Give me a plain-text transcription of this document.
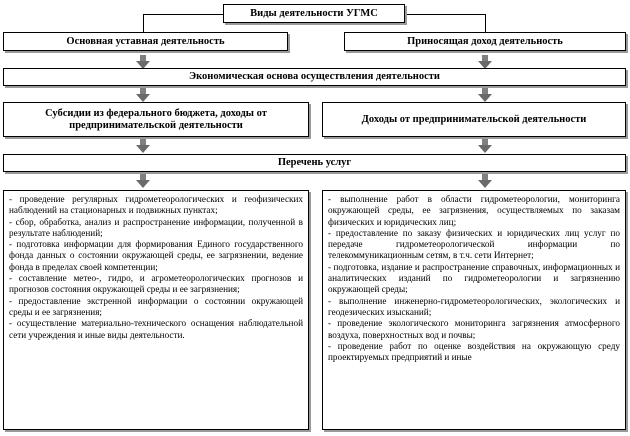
Виды деятельности УГМС
Основная уставная деятельность	Приносящая доход деятельность
Экономическая основа осуществления деятельности
Субсидии из федерального бюджета, доходы от предпринимательской деятельности
Доходы от предпринимательской деятельности
Перечень услуг

- проведение регулярных гидрометеорологических и геофизических наблюдений на стационарных и подвижных пунктах;

- сбор, обработка, анализ и распространение информации, полученной в результате наблюдений;

- подготовка информации для формирования Единого государственного фонда данных о состоянии окружающей среды, ее загрязнении, ведение фонда в пределах своей компетенции;

- составление метео-, гидро, и агрометеорологических прогнозов и прогнозов состояния окружающей среды и ее загрязнения;

- предоставление экстренной информации о состоянии окружающей среды и ее загрязнения;

- осуществление материально-технического оснащения наблюдательной сети учреждения и иные виды деятельности.

- выполнение работ в области гидрометеорологии, мониторинга окружающей среды, ее загрязнения, осуществляемых по заказам физических и юридических лиц;

- предоставление по заказу физических и юридических лиц услуг по передаче гидрометеорологической информации по телекоммуникационным сетям, в т.ч. сети Интернет;

- подготовка, издание и распространение справочных, информационных и аналитических изданий по гидрометеорологии и загрязнению окружающей среды;

- выполнение инженерно-гидрометеорологических, экологических и геодезических изысканий;

- проведение экологического мониторинга загрязнения атмосферного воздуха, поверхностных вод и почвы;

- проведение работ по оценке воздействия на окружающую среду проектируемых предприятий и иные
